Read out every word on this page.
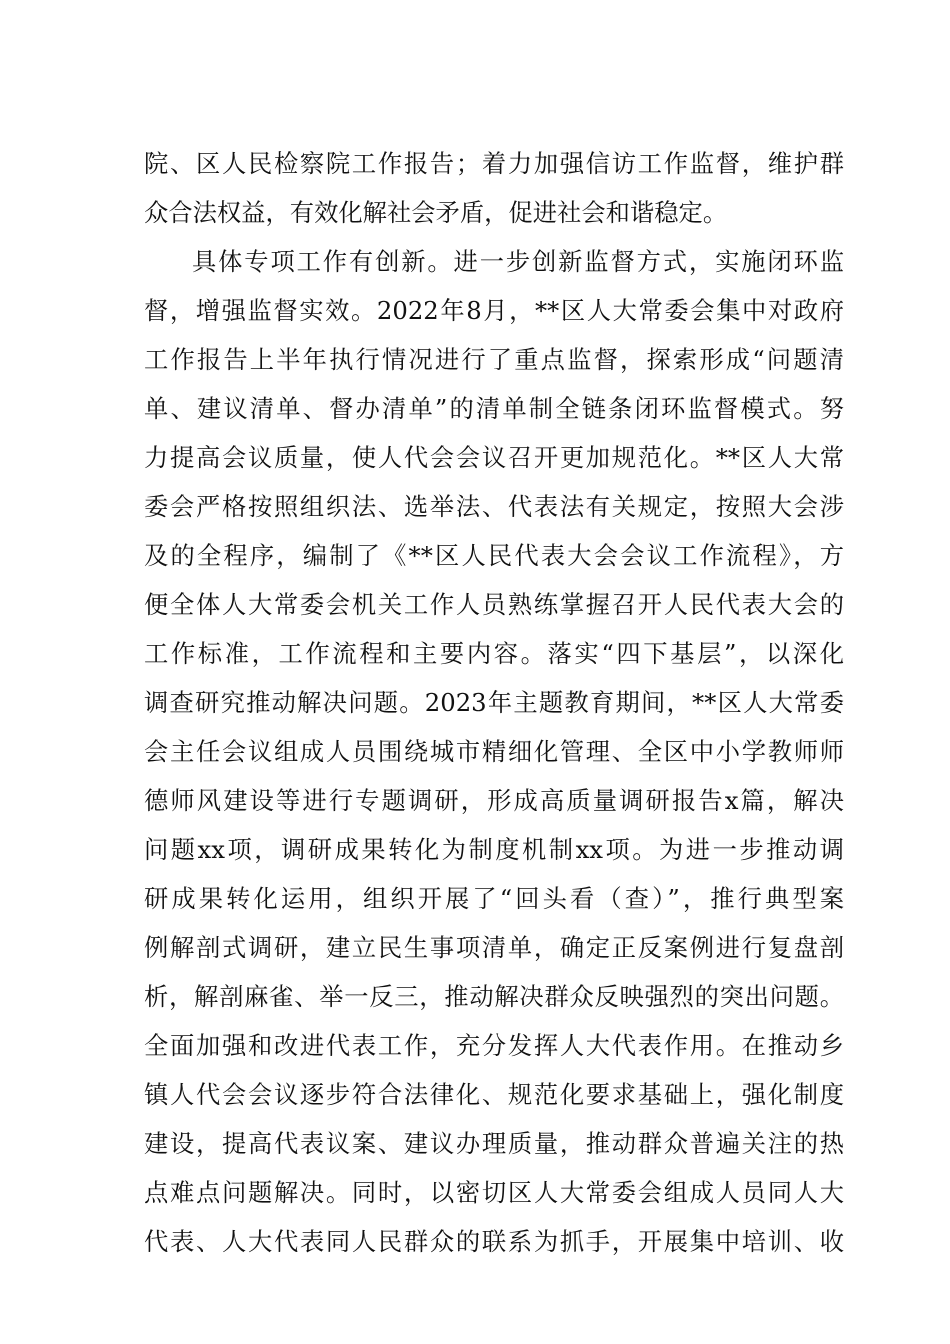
院、区人民检察院工作报告；着力加强信访工作监督，维护群
众合法权益，有效化解社会矛盾，促进社会和谐稳定。
具体专项工作有创新。进一步创新监督方式，实施闭环监
督，增强监督实效。2022年8月，**区人大常委会集中对政府
工作报告上半年执行情况进行了重点监督，探索形成“问题清
单、建议清单、督办清单”的清单制全链条闭环监督模式。努
力提高会议质量，使人代会会议召开更加规范化。**区人大常
委会严格按照组织法、选举法、代表法有关规定，按照大会涉
及的全程序，编制了《**区人民代表大会会议工作流程》，方
便全体人大常委会机关工作人员熟练掌握召开人民代表大会的
工作标准，工作流程和主要内容。落实“四下基层”，以深化
调查研究推动解决问题。2023年主题教育期间，**区人大常委
会主任会议组成人员围绕城市精细化管理、全区中小学教师师
德师风建设等进行专题调研，形成高质量调研报告x篇，解决
问题xx项，调研成果转化为制度机制xx项。为进一步推动调
研成果转化运用，组织开展了“回头看（查）”，推行典型案
例解剖式调研，建立民生事项清单，确定正反案例进行复盘剖
析，解剖麻雀、举一反三，推动解决群众反映强烈的突出问题。
全面加强和改进代表工作，充分发挥人大代表作用。在推动乡
镇人代会会议逐步符合法律化、规范化要求基础上，强化制度
建设，提高代表议案、建议办理质量，推动群众普遍关注的热
点难点问题解决。同时，以密切区人大常委会组成人员同人大
代表、人大代表同人民群众的联系为抓手，开展集中培训、收
